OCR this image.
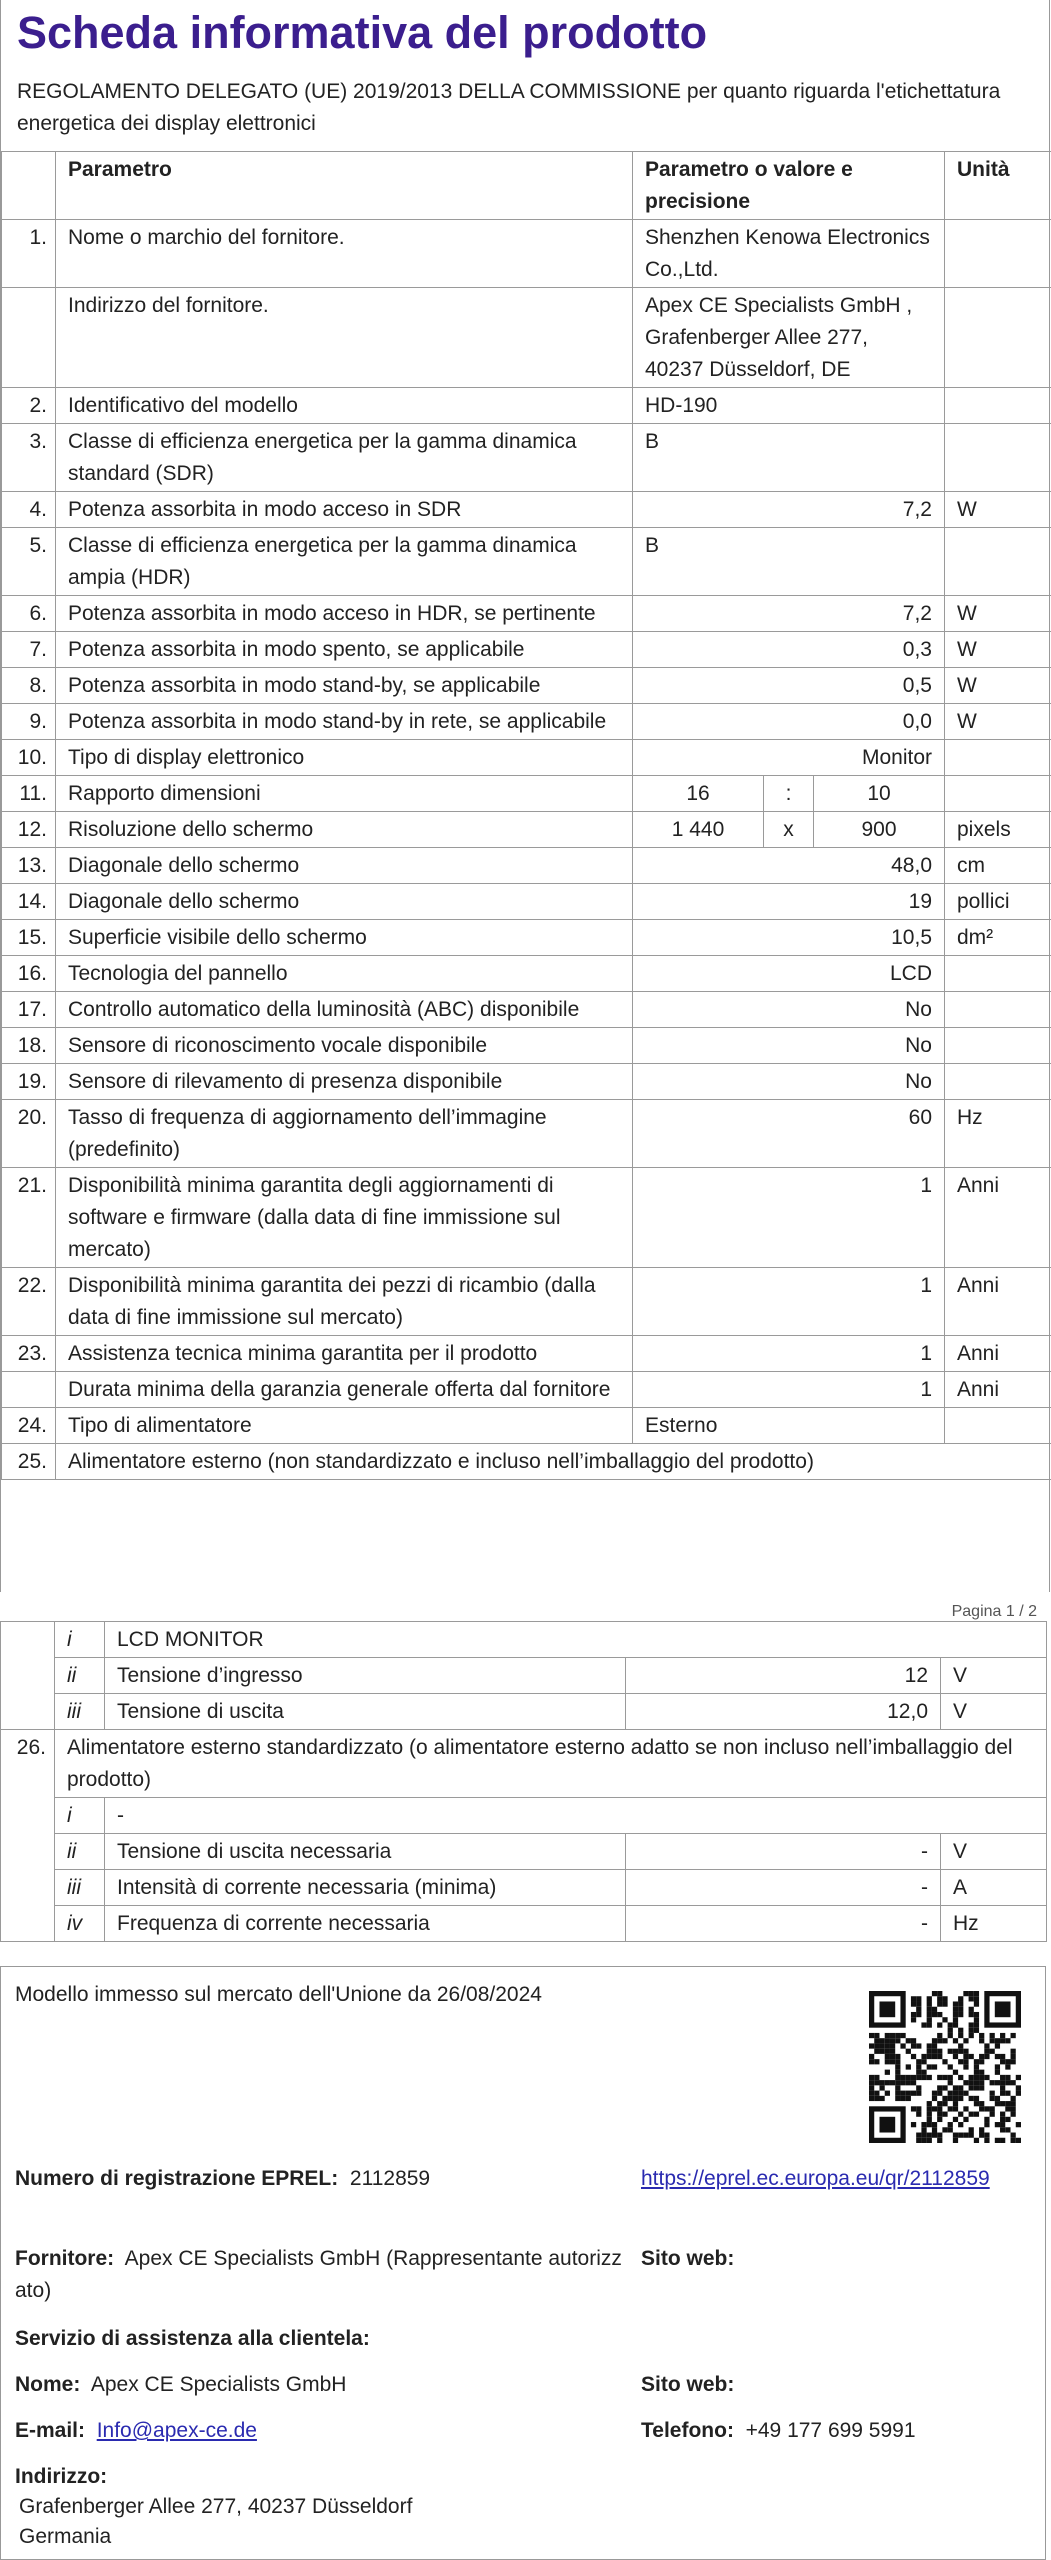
Scheda informativa del prodotto
REGOLAMENTO DELEGATO (UE) 2019/2013 DELLA COMMISSIONE per quanto riguarda l'etichettatura energetica dei display elettronici
	Parametro	Parametro o valore e precisione			Unità
1.	Nome o marchio del fornitore.	Shenzhen Kenowa Electronics Co.,Ltd.			
	Indirizzo del fornitore.	Apex CE Specialists GmbH , Grafenberger Allee 277, 40237 Düsseldorf, DE			
2.	Identificativo del modello	HD-190			
3.	Classe di efficienza energetica per la gamma dinamica standard (SDR)	B			
4.	Potenza assorbita in modo acceso in SDR	7,2			W
5.	Classe di efficienza energetica per la gamma dinamica ampia (HDR)	B			
6.	Potenza assorbita in modo acceso in HDR, se pertinente	7,2			W
7.	Potenza assorbita in modo spento, se applicabile	0,3			W
8.	Potenza assorbita in modo stand-by, se applicabile	0,5			W
9.	Potenza assorbita in modo stand-by in rete, se applicabile	0,0			W
10.	Tipo di display elettronico	Monitor			
11.	Rapporto dimensioni	16	:	10	
12.	Risoluzione dello schermo	1 440	x	900	pixels
13.	Diagonale dello schermo	48,0			cm
14.	Diagonale dello schermo	19			pollici
15.	Superficie visibile dello schermo	10,5			dm²
16.	Tecnologia del pannello	LCD			
17.	Controllo automatico della luminosità (ABC) disponibile	No			
18.	Sensore di riconoscimento vocale disponibile	No			
19.	Sensore di rilevamento di presenza disponibile	No			
20.	Tasso di frequenza di aggiornamento dell’immagine (predefinito)	60			Hz
21.	Disponibilità minima garantita degli aggiornamenti di software e firmware (dalla data di fine immissione sul mercato)	1			Anni
22.	Disponibilità minima garantita dei pezzi di ricambio (dalla data di fine immissione sul mercato)	1			Anni
23.	Assistenza tecnica minima garantita per il prodotto	1			Anni
	Durata minima della garanzia generale offerta dal fornitore	1			Anni
24.	Tipo di alimentatore	Esterno			
25.	Alimentatore esterno (non standardizzato e incluso nell’imballaggio del prodotto)				
Pagina 1 / 2
	i	LCD MONITOR		
	ii	Tensione d’ingresso	12	V
	iii	Tensione di uscita	12,0	V
26.	Alimentatore esterno standardizzato (o alimentatore esterno adatto se non incluso nell’imballaggio del prodotto)			
	i	-		
	ii	Tensione di uscita necessaria	-	V
	iii	Intensità di corrente necessaria (minima)	-	A
	iv	Frequenza di corrente necessaria	-	Hz
Modello immesso sul mercato dell'Unione da 26/08/2024
Numero di registrazione EPREL: 2112859	https://eprel.ec.europa.eu/qr/2112859
Fornitore: Apex CE Specialists GmbH (Rappresentante autorizzato)
Sito web:
Servizio di assistenza alla clientela:
Nome: Apex CE Specialists GmbH	Sito web:
E-mail: Info@apex-ce.de	Telefono: +49 177 699 5991
Indirizzo:
Grafenberger Allee 277, 40237 Düsseldorf
Germania
